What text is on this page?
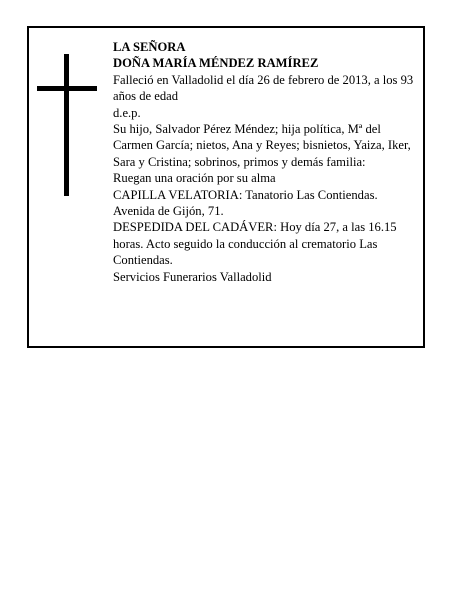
LA SEÑORA
DOÑA MARÍA MÉNDEZ RAMÍREZ
Falleció en Valladolid el día 26 de febrero de 2013, a los 93 años de edad
d.e.p.
Su hijo, Salvador Pérez Méndez; hija política, Mª del Carmen García; nietos, Ana y Reyes; bisnietos, Yaiza, Iker, Sara y Cristina; sobrinos, primos y demás familia:
Ruegan una oración por su alma
CAPILLA VELATORIA: Tanatorio Las Contiendas. Avenida de Gijón, 71.
DESPEDIDA DEL CADÁVER: Hoy día 27, a las 16.15 horas. Acto seguido la conducción al crematorio Las Contiendas.
Servicios Funerarios Valladolid
